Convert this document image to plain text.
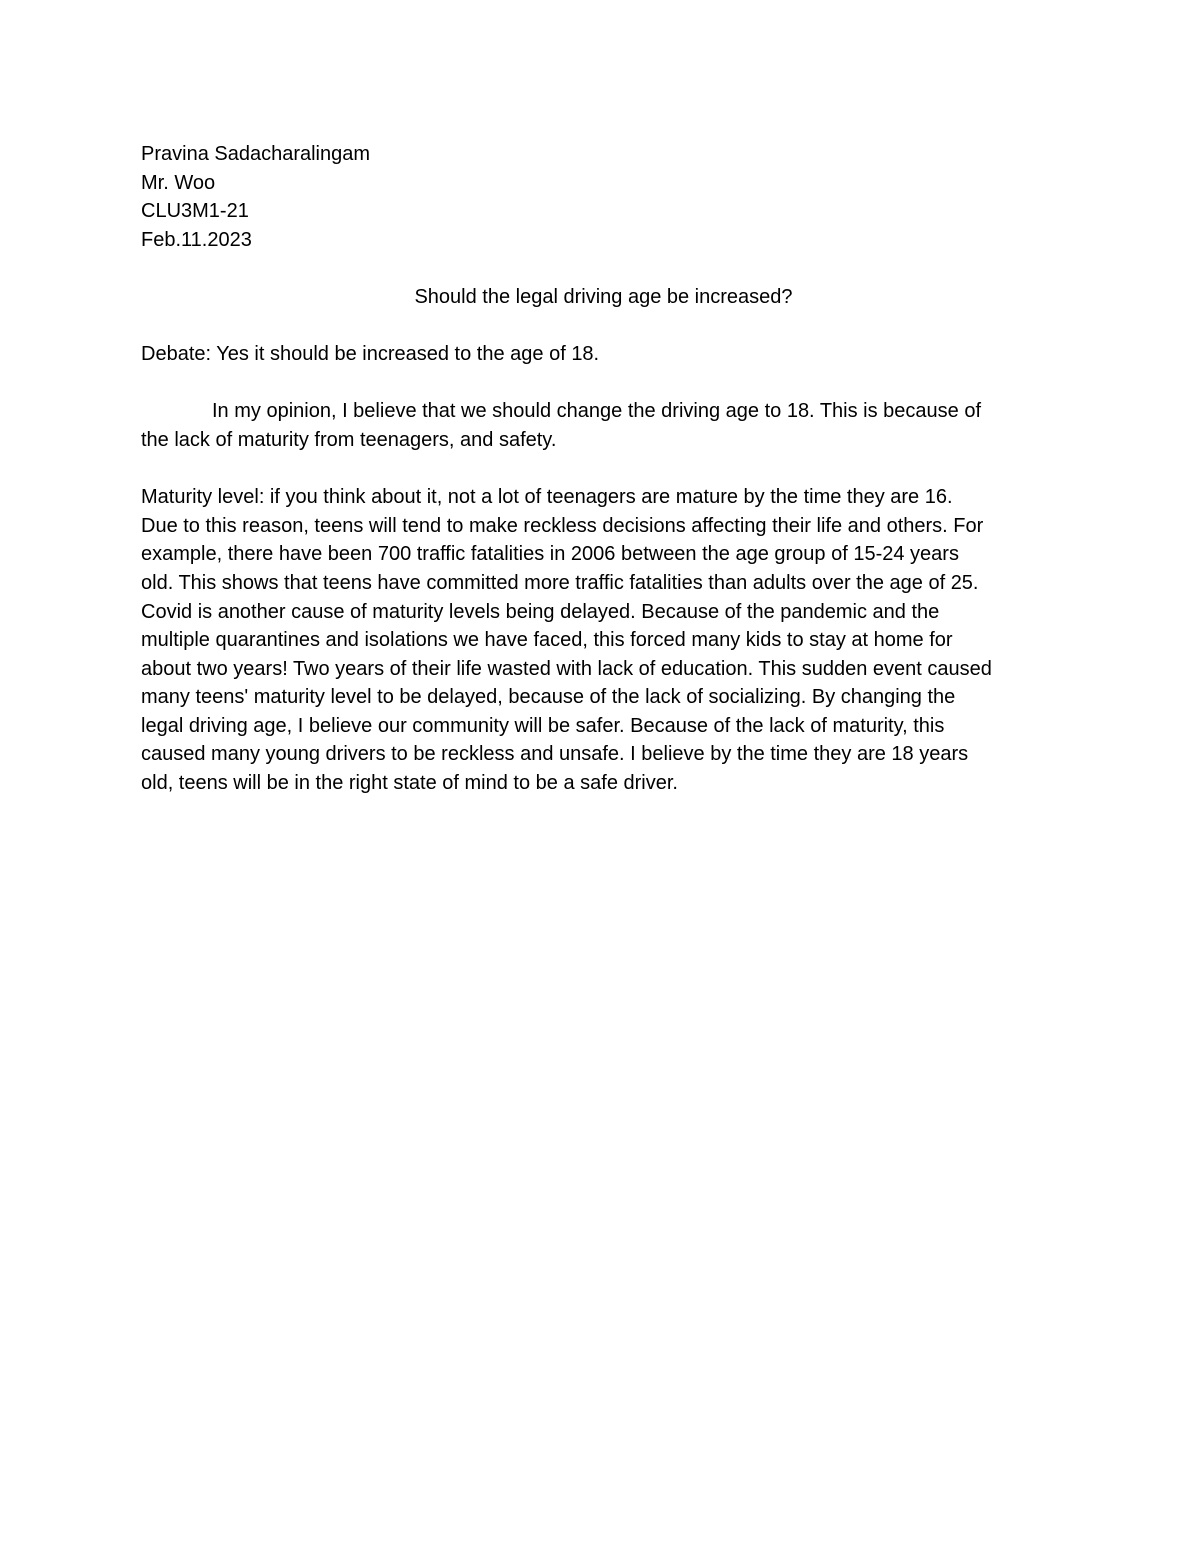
Pravina Sadacharalingam

Mr. Woo

CLU3M1-21

Feb.11.2023

Should the legal driving age be increased?

Debate: Yes it should be increased to the age of 18.

In my opinion, I believe that we should change the driving age to 18. This is because of
the lack of maturity from teenagers, and safety.

Maturity level: if you think about it, not a lot of teenagers are mature by the time they are 16.
Due to this reason, teens will tend to make reckless decisions affecting their life and others. For
example, there have been 700 traffic fatalities in 2006 between the age group of 15-24 years
old. This shows that teens have committed more traffic fatalities than adults over the age of 25.
Covid is another cause of maturity levels being delayed. Because of the pandemic and the
multiple quarantines and isolations we have faced, this forced many kids to stay at home for
about two years! Two years of their life wasted with lack of education. This sudden event caused
many teens' maturity level to be delayed, because of the lack of socializing. By changing the
legal driving age, I believe our community will be safer. Because of the lack of maturity, this
caused many young drivers to be reckless and unsafe. I believe by the time they are 18 years
old, teens will be in the right state of mind to be a safe driver.
